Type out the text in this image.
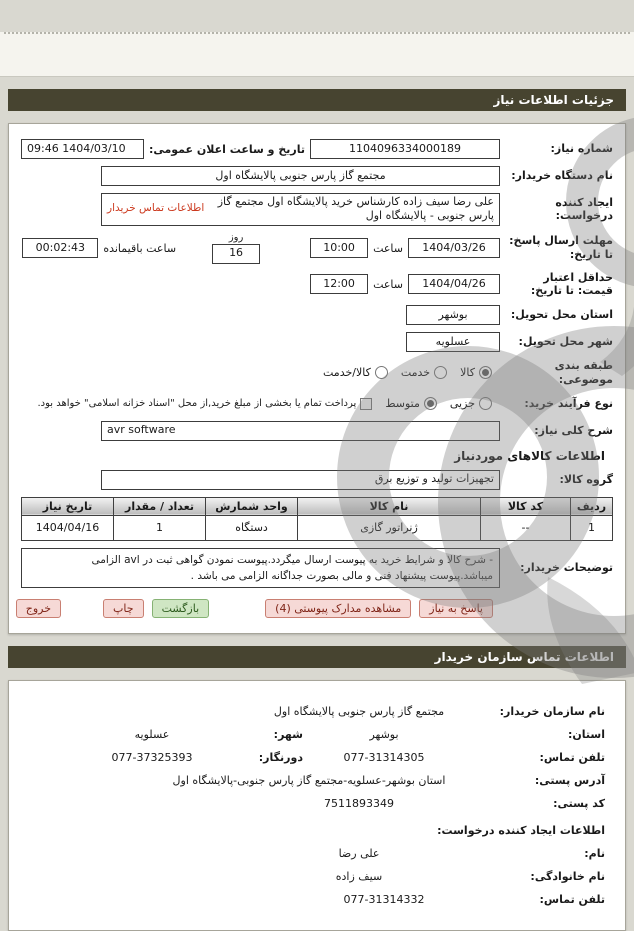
جزئیات اطلاعات نیاز
شماره نیاز:
1104096334000189
تاریخ و ساعت اعلان عمومی:
09:46 1404/03/10
نام دستگاه خریدار:
مجتمع گاز پارس جنوبی پالایشگاه اول
ایجاد کننده درخواست:
علی رضا سیف زاده کارشناس خرید پالایشگاه اول مجتمع گاز پارس جنوبی - پالایشگاه اول
اطلاعات تماس خریدار
مهلت ارسال پاسخ: تا تاریخ:
1404/03/26
ساعت
10:00
روز
16
ساعت باقیمانده
00:02:43
حداقل اعتبار قیمت: تا تاریخ:
1404/04/26
ساعت
12:00
استان محل تحویل:
بوشهر
شهر محل تحویل:
عسلویه
طبقه بندی موضوعی:
کالا
خدمت
کالا/خدمت
نوع فرآیند خرید:
جزیی
متوسط
پرداخت تمام یا بخشی از مبلغ خرید,از محل "اسناد خزانه اسلامی" خواهد بود.
شرح کلی نیاز:
avr software
اطلاعات کالاهای موردنیاز
گروه کالا:
تجهیزات تولید و توزیع برق
ردیف	کد کالا	نام کالا	واحد شمارش	تعداد / مقدار	تاریخ نیاز
1	--	ژنراتور گازی	دستگاه	1	1404/04/16
توضیحات خریدار:
- شرح کالا و شرایط خرید به پیوست ارسال میگردد.پیوست نمودن گواهی ثبت در avl الزامی میباشد.پیوست پیشنهاد فنی و مالی بصورت جداگانه الزامی می باشد .
پاسخ به نیاز
مشاهده مدارک پیوستی (4)
بازگشت
چاپ
خروج
اطلاعات تماس سازمان خریدار
نام سازمان خریدار:
مجتمع گاز پارس جنوبی پالایشگاه اول
استان:
بوشهر
شهر:
عسلویه
تلفن تماس:
077-31314305
دورنگار:
077-37325393
آدرس پستی:
استان بوشهر-عسلویه-مجتمع گاز پارس جنوبی-پالایشگاه اول
کد پستی:
7511893349
اطلاعات ایجاد کننده درخواست:
نام:
علی رضا
نام خانوادگی:
سیف زاده
تلفن تماس:
077-31314332
